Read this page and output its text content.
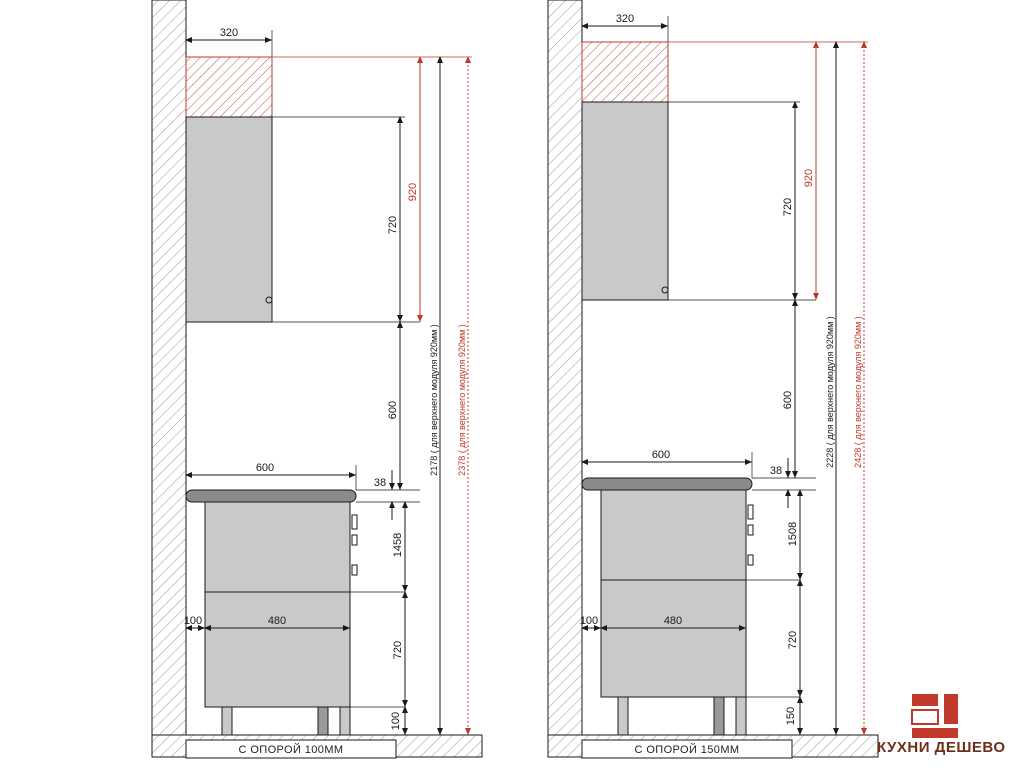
320
720
600
920
2178 ( для верхнего модуля 920мм ) 2378 ( для верхнего модуля 920мм )
38
600
1458
720
100
100	480
С ОПОРОЙ 100ММ
320
720
600
920
2228 ( для верхнего модуля 920мм ) 2428 ( для верхнего модуля 920мм )
38
600
1508
720
150
100	480
С ОПОРОЙ 150ММ	КУХНИ ДЕШЕВО
